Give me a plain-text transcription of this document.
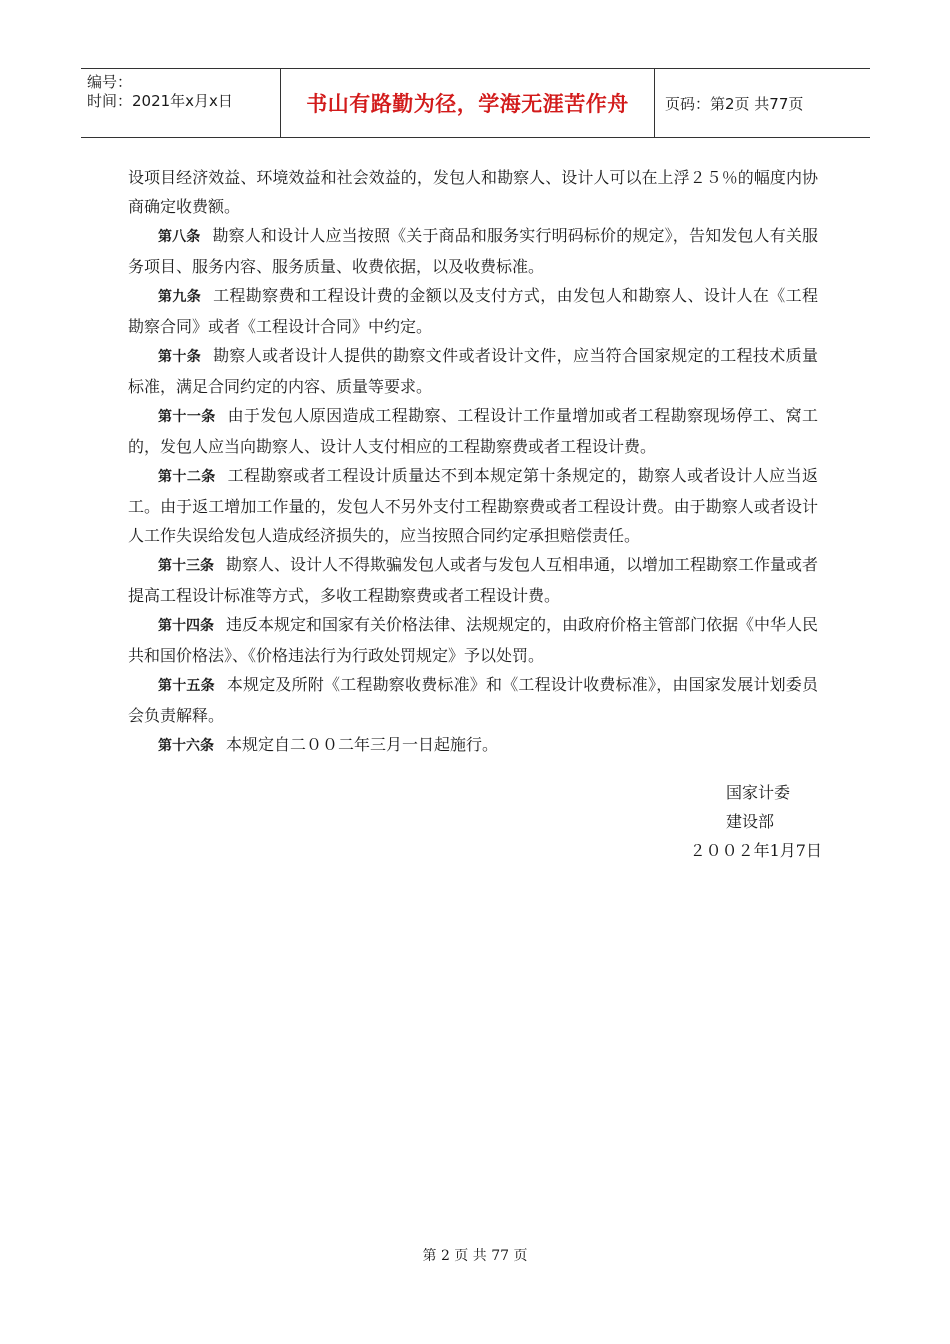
编号：
时间：2021年x月x日	书山有路勤为径，学海无涯苦作舟	页码：第2页 共77页

设项目经济效益、环境效益和社会效益的，发包人和勘察人、设计人可以在上浮２５％的幅度内协商确定收费额。

第八条 勘察人和设计人应当按照《关于商品和服务实行明码标价的规定》，告知发包人有关服务项目、服务内容、服务质量、收费依据，以及收费标准。

第九条 工程勘察费和工程设计费的金额以及支付方式，由发包人和勘察人、设计人在《工程勘察合同》或者《工程设计合同》中约定。

第十条 勘察人或者设计人提供的勘察文件或者设计文件，应当符合国家规定的工程技术质量标准，满足合同约定的内容、质量等要求。

第十一条 由于发包人原因造成工程勘察、工程设计工作量增加或者工程勘察现场停工、窝工的，发包人应当向勘察人、设计人支付相应的工程勘察费或者工程设计费。

第十二条 工程勘察或者工程设计质量达不到本规定第十条规定的，勘察人或者设计人应当返工。由于返工增加工作量的，发包人不另外支付工程勘察费或者工程设计费。由于勘察人或者设计人工作失误给发包人造成经济损失的，应当按照合同约定承担赔偿责任。

第十三条 勘察人、设计人不得欺骗发包人或者与发包人互相串通，以增加工程勘察工作量或者提高工程设计标准等方式，多收工程勘察费或者工程设计费。

第十四条 违反本规定和国家有关价格法律、法规规定的，由政府价格主管部门依据《中华人民共和国价格法》、《价格违法行为行政处罚规定》予以处罚。

第十五条 本规定及所附《工程勘察收费标准》和《工程设计收费标准》，由国家发展计划委员会负责解释。

第十六条 本规定自二００二年三月一日起施行。

国家计委
建设部
２００２年1月7日
第 2 页 共 77 页
